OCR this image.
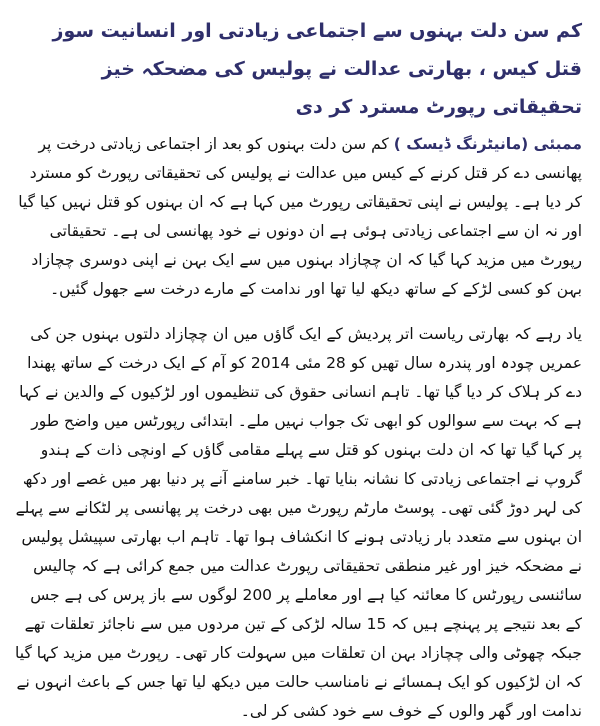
کم سن دلت بہنوں سے اجتماعی زیادتی اور انسانیت سوز قتل کیس ، بھارتی عدالت نے پولیس کی مضحکہ خیز تحقیقاتی رپورٹ مسترد کر دی

ممبئی (مانیٹرنگ ڈیسک ) کم سن دلت بہنوں کو بعد از اجتماعی زیادتی درخت پر پھانسی دے کر قتل کرنے کے کیس میں عدالت نے پولیس کی تحقیقاتی رپورٹ کو مسترد کر دیا ہے۔ پولیس نے اپنی تحقیقاتی رپورٹ میں کہا ہے کہ ان بہنوں کو قتل نہیں کیا گیا اور نہ ان سے اجتماعی زیادتی ہوئی ہے ان دونوں نے خود پھانسی لی ہے۔ تحقیقاتی رپورٹ میں مزید کہا گیا کہ ان چچازاد بہنوں میں سے ایک بہن نے اپنی دوسری چچازاد بہن کو کسی لڑکے کے ساتھ دیکھ لیا تھا اور ندامت کے مارے درخت سے جھول گئیں۔

یاد رہے کہ بھارتی ریاست اتر پردیش کے ایک گاؤں میں ان چچازاد دلتوں بہنوں جن کی عمریں چودہ اور پندرہ سال تھیں کو 28 مئی 2014 کو آم کے ایک درخت کے ساتھ پھندا دے کر ہلاک کر دیا گیا تھا۔ تاہم انسانی حقوق کی تنظیموں اور لڑکیوں کے والدین نے کہا ہے کہ بہت سے سوالوں کو ابھی تک جواب نہیں ملے۔ ابتدائی رپورٹس میں واضح طور پر کہا گیا تھا کہ ان دلت بہنوں کو قتل سے پہلے مقامی گاؤں کے اونچی ذات کے ہندو گروپ نے اجتماعی زیادتی کا نشانہ بنایا تھا۔ خبر سامنے آنے پر دنیا بھر میں غصے اور دکھ کی لہر دوڑ گئی تھی۔ پوسٹ مارٹم رپورٹ میں بھی درخت پر پھانسی پر لٹکانے سے پہلے ان بہنوں سے متعدد بار زیادتی ہونے کا انکشاف ہوا تھا۔ تاہم اب بھارتی سپیشل پولیس نے مضحکہ خیز اور غیر منطقی تحقیقاتی رپورٹ عدالت میں جمع کرائی ہے کہ چالیس سائنسی رپورٹس کا معائنہ کیا ہے اور معاملے پر 200 لوگوں سے باز پرس کی ہے جس کے بعد نتیجے پر پہنچے ہیں کہ 15 سالہ لڑکی کے تین مردوں میں سے ناجائز تعلقات تھے جبکہ چھوٹی والی چچازاد بہن ان تعلقات میں سہولت کار تھی۔ رپورٹ میں مزید کہا گیا کہ ان لڑکیوں کو ایک ہمسائے نے نامناسب حالت میں دیکھ لیا تھا جس کے باعث انہوں نے ندامت اور گھر والوں کے خوف سے خود کشی کر لی۔
